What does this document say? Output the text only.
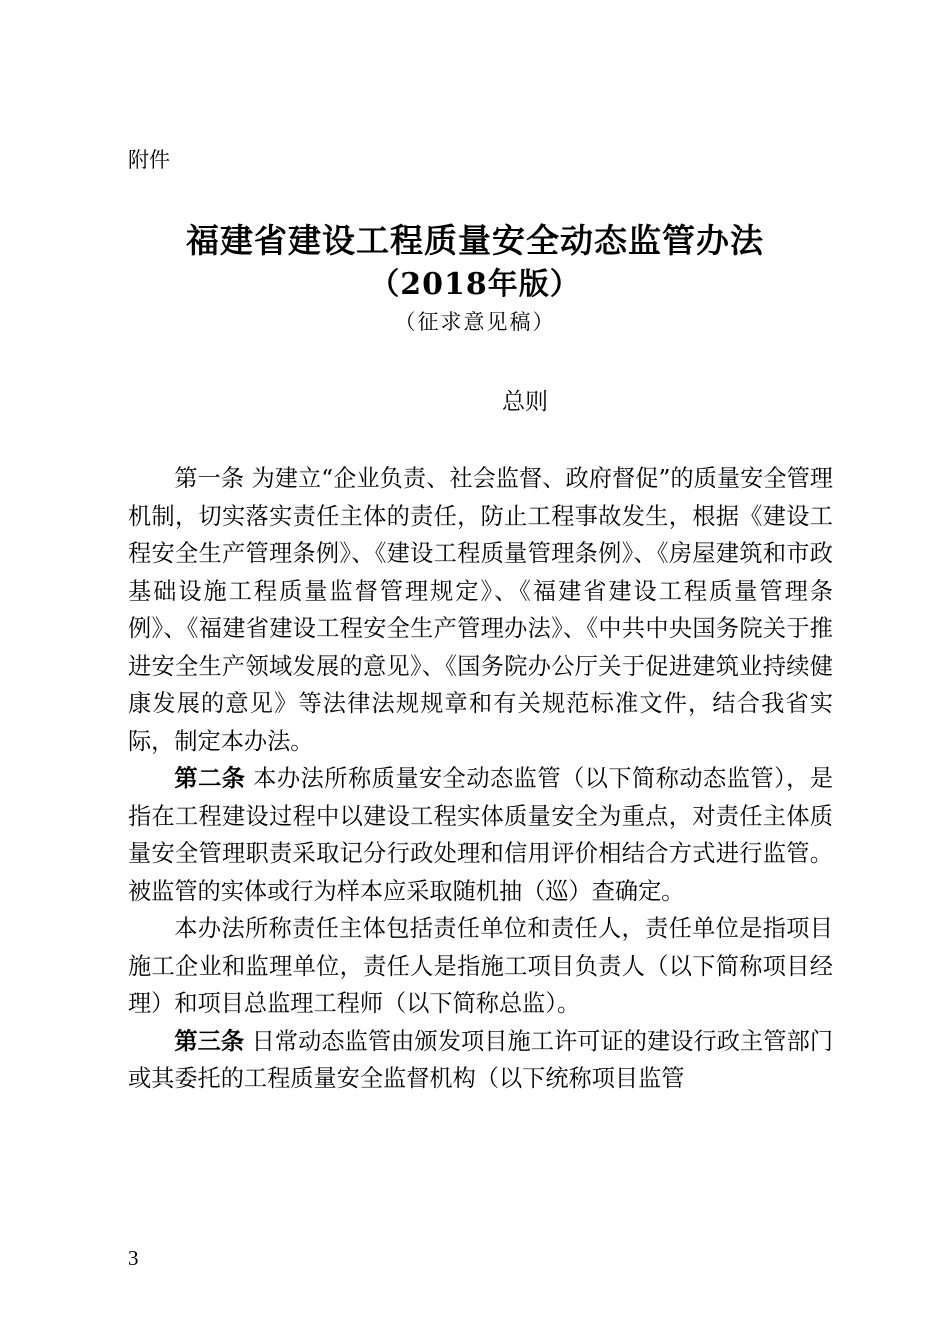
附件
福建省建设工程质量安全动态监管办法
（2018年版）
（征求意见稿）
总则

第一条 为建立“企业负责、社会监督、政府督促”的质量安全管理机制，切实落实责任主体的责任，防止工程事故发生，根据《建设工程安全生产管理条例》、《建设工程质量管理条例》、《房屋建筑和市政基础设施工程质量监督管理规定》、《福建省建设工程质量管理条例》、《福建省建设工程安全生产管理办法》、《中共中央国务院关于推进安全生产领域发展的意见》、《国务院办公厅关于促进建筑业持续健康发展的意见》等法律法规规章和有关规范标准文件，结合我省实际，制定本办法。

第二条 本办法所称质量安全动态监管（以下简称动态监管），是指在工程建设过程中以建设工程实体质量安全为重点，对责任主体质量安全管理职责采取记分行政处理和信用评价相结合方式进行监管。被监管的实体或行为样本应采取随机抽（巡）查确定。

本办法所称责任主体包括责任单位和责任人，责任单位是指项目施工企业和监理单位，责任人是指施工项目负责人（以下简称项目经理）和项目总监理工程师（以下简称总监）。

第三条 日常动态监管由颁发项目施工许可证的建设行政主管部门或其委托的工程质量安全监督机构（以下统称项目监管

3
